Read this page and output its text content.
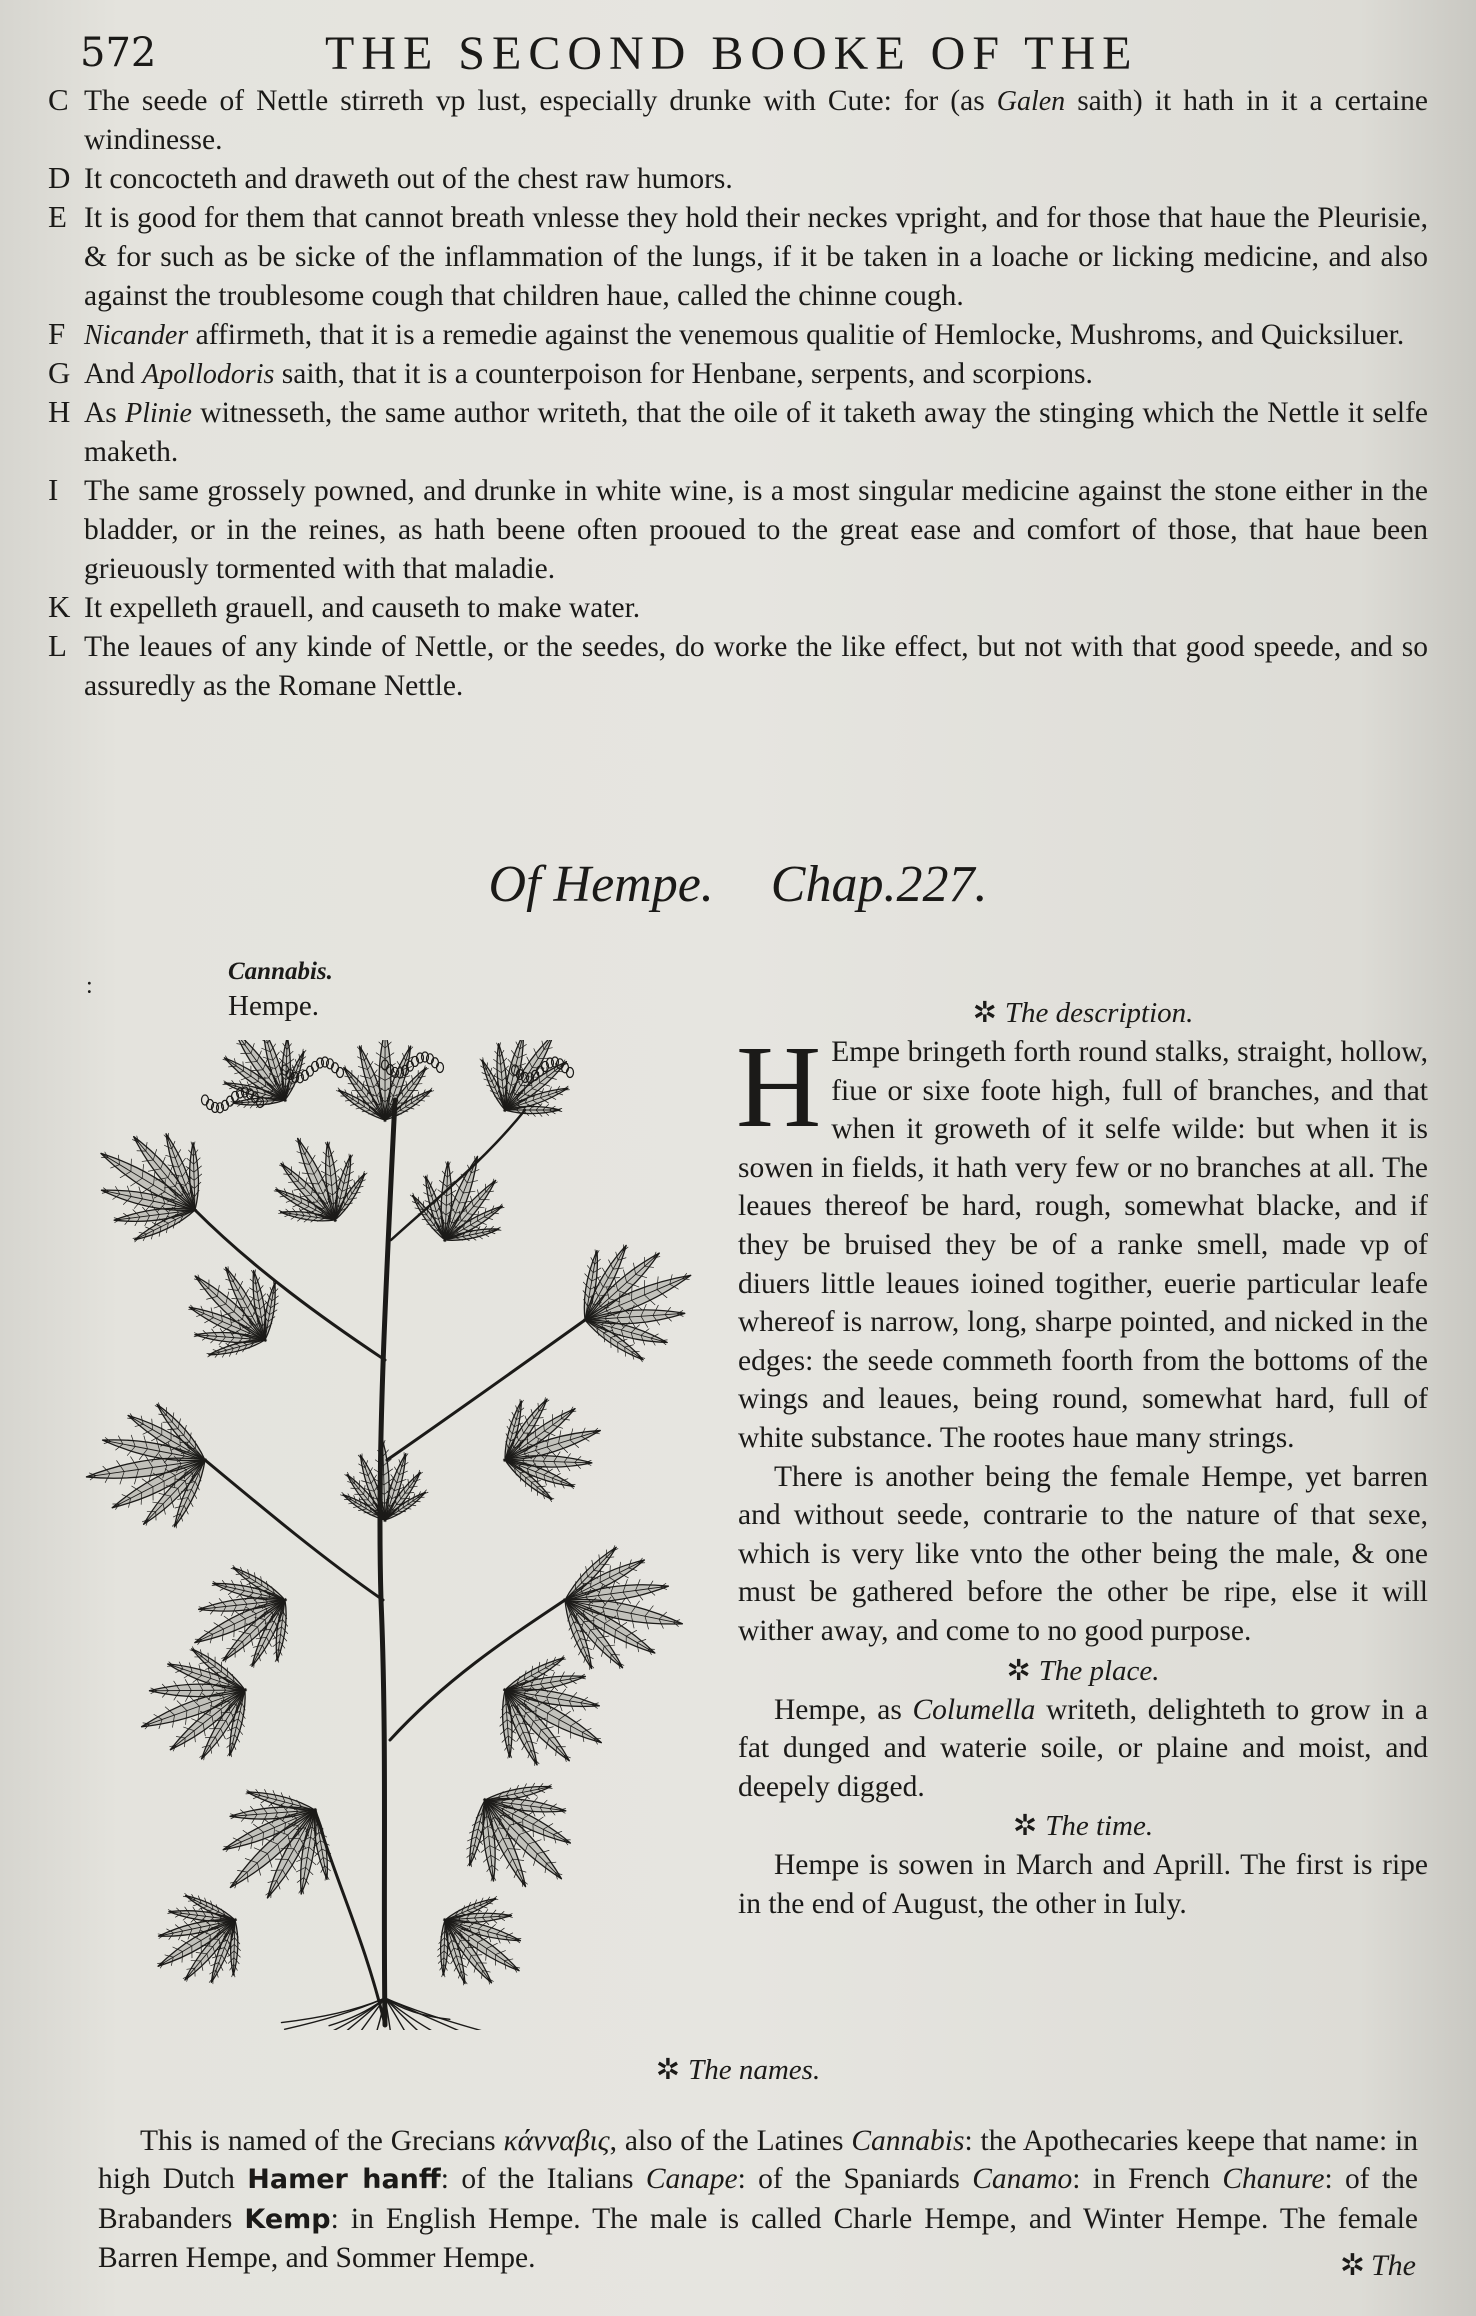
572	THE SECOND BOOKE OF THE
C The seede of Nettle stirreth vp lust, especially drunke with Cute: for (as Galen saith) it hath in it a certaine windinesse.
D It concocteth and draweth out of the chest raw humors.
E It is good for them that cannot breath vnlesse they hold their neckes vpright, and for those that haue the Pleurisie, & for such as be sicke of the inflammation of the lungs, if it be taken in a loache or licking medicine, and also against the troublesome cough that children haue, called the chinne cough.
F Nicander affirmeth, that it is a remedie against the venemous qualitie of Hemlocke, Mushroms, and Quicksiluer.
G And Apollodoris saith, that it is a counterpoison for Henbane, serpents, and scorpions.
H As Plinie witnesseth, the same author writeth, that the oile of it taketh away the stinging which the Nettle it selfe maketh.
I The same grossely powned, and drunke in white wine, is a most singular medicine against the stone either in the bladder, or in the reines, as hath beene often prooued to the great ease and comfort of those, that haue been grieuously tormented with that maladie.
K It expelleth grauell, and causeth to make water.
L The leaues of any kinde of Nettle, or the seedes, do worke the like effect, but not with that good speede, and so assuredly as the Romane Nettle.
Of Hempe. Chap.227.
:
Cannabis.
Hempe.	✲ The description.

H Empe bringeth forth round stalks, straight, hollow, fiue or sixe foote high, full of branches, and that when it groweth of it selfe wilde: but when it is sowen in fields, it hath very few or no branches at all. The leaues thereof be hard, rough, somewhat blacke, and if they be bruised they be of a ranke smell, made vp of diuers little leaues ioined togither, euerie particular leafe whereof is narrow, long, sharpe pointed, and nicked in the edges: the seede commeth foorth from the bottoms of the wings and leaues, being round, somewhat hard, full of white substance. The rootes haue many strings.

There is another being the female Hempe, yet barren and without seede, contrarie to the nature of that sexe, which is very like vnto the other being the male, & one must be gathered before the other be ripe, else it will wither away, and come to no good purpose.

✲ The place.

Hempe, as Columella writeth, delighteth to grow in a fat dunged and waterie soile, or plaine and moist, and deepely digged.

✲ The time.

Hempe is sowen in March and Aprill. The first is ripe in the end of August, the other in Iuly.

✲ The names.

This is named of the Grecians κάνναβις, also of the Latines Cannabis: the Apothecaries keepe that name: in high Dutch Hamer hanff: of the Italians Canape: of the Spaniards Canamo: in French Chanure: of the Brabanders Kemp: in English Hempe. The male is called Charle Hempe, and Winter Hempe. The female Barren Hempe, and Sommer Hempe.	✲ The
